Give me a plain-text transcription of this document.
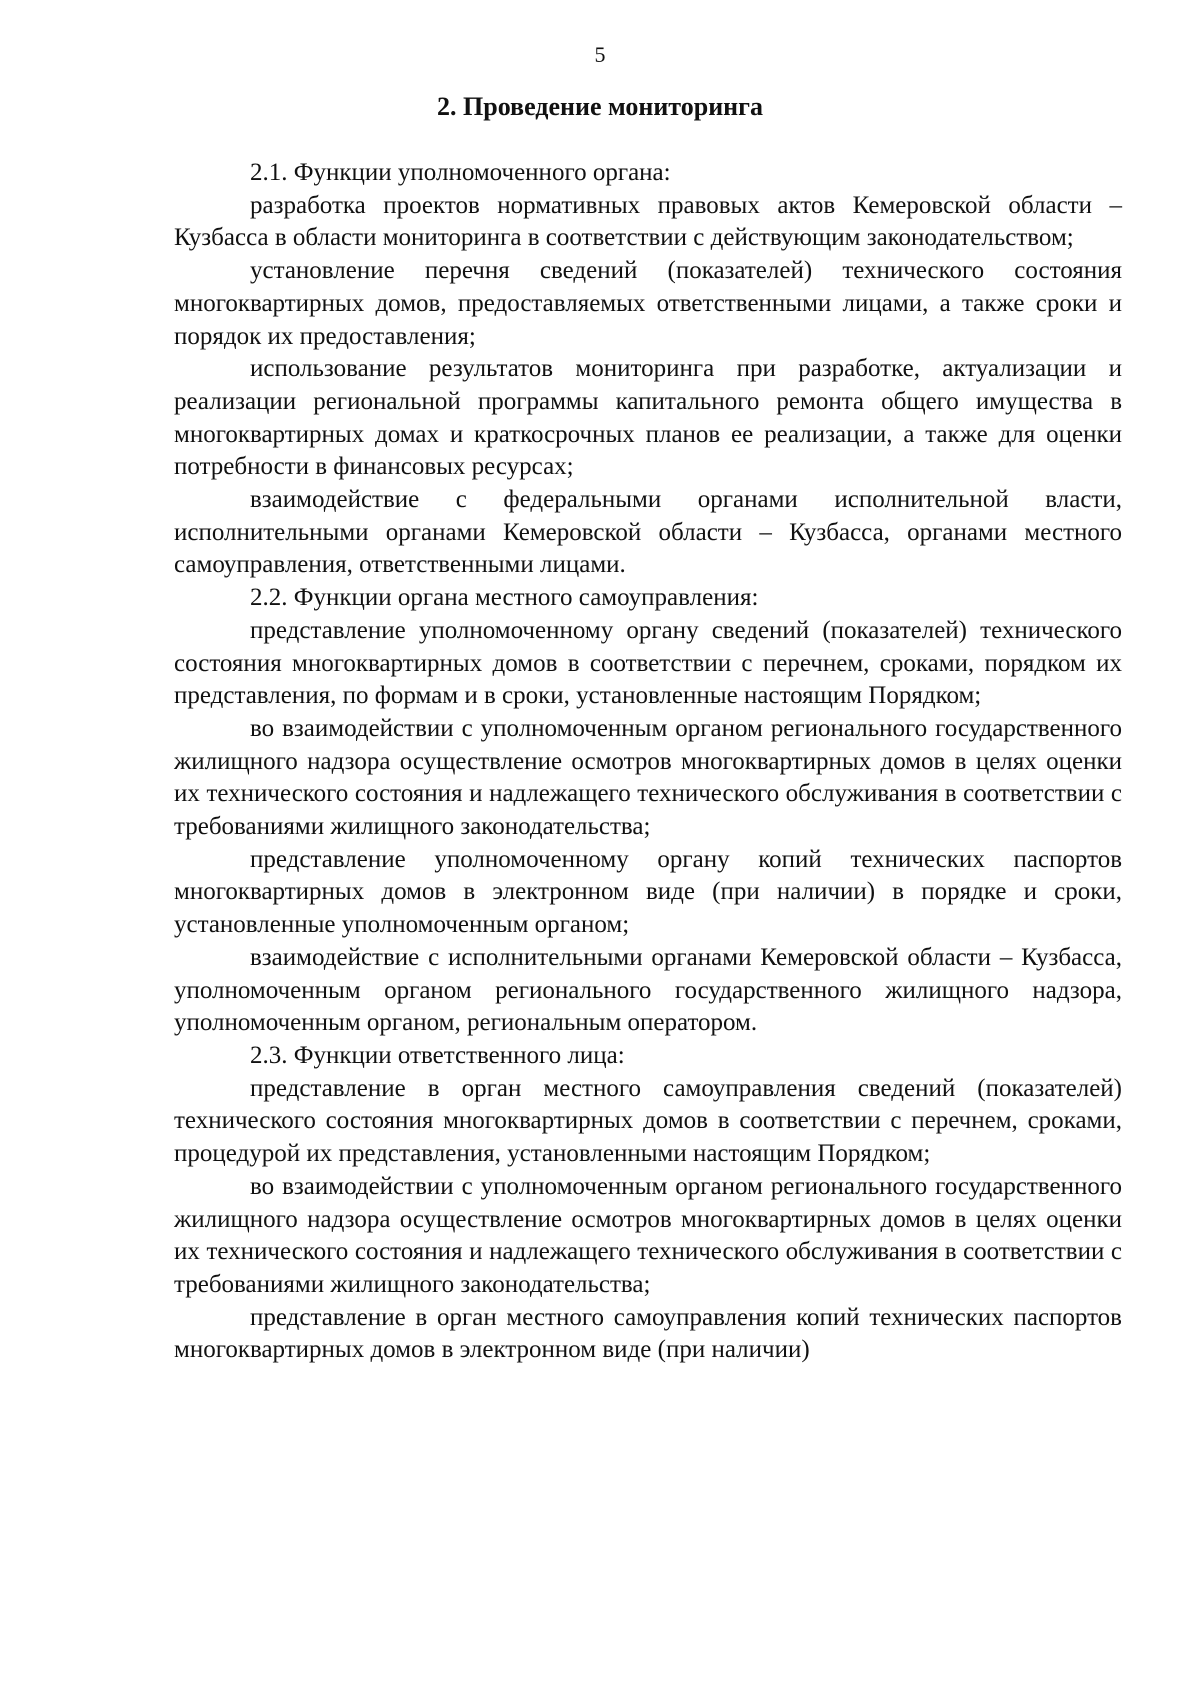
5
2. Проведение мониторинга

2.1. Функции уполномоченного органа:

разработка проектов нормативных правовых актов Кемеровской области – Кузбасса в области мониторинга в соответствии с действующим законодательством;

установление перечня сведений (показателей) технического состояния многоквартирных домов, предоставляемых ответственными лицами, а также сроки и порядок их предоставления;

использование результатов мониторинга при разработке, актуализации и реализации региональной программы капитального ремонта общего имущества в многоквартирных домах и краткосрочных планов ее реализации, а также для оценки потребности в финансовых ресурсах;

взаимодействие с федеральными органами исполнительной власти, исполнительными органами Кемеровской области – Кузбасса, органами местного самоуправления, ответственными лицами.

2.2. Функции органа местного самоуправления:

представление уполномоченному органу сведений (показателей) технического состояния многоквартирных домов в соответствии с перечнем, сроками, порядком их представления, по формам и в сроки, установленные настоящим Порядком;

во взаимодействии с уполномоченным органом регионального государственного жилищного надзора осуществление осмотров многоквартирных домов в целях оценки их технического состояния и надлежащего технического обслуживания в соответствии с требованиями жилищного законодательства;

представление уполномоченному органу копий технических паспортов многоквартирных домов в электронном виде (при наличии) в порядке и сроки, установленные уполномоченным органом;

взаимодействие с исполнительными органами Кемеровской области – Кузбасса, уполномоченным органом регионального государственного жилищного надзора, уполномоченным органом, региональным оператором.

2.3. Функции ответственного лица:

представление в орган местного самоуправления сведений (показателей) технического состояния многоквартирных домов в соответствии с перечнем, сроками, процедурой их представления, установленными настоящим Порядком;

во взаимодействии с уполномоченным органом регионального государственного жилищного надзора осуществление осмотров многоквартирных домов в целях оценки их технического состояния и надлежащего технического обслуживания в соответствии с требованиями жилищного законодательства;

представление в орган местного самоуправления копий технических паспортов многоквартирных домов в электронном виде (при наличии)
